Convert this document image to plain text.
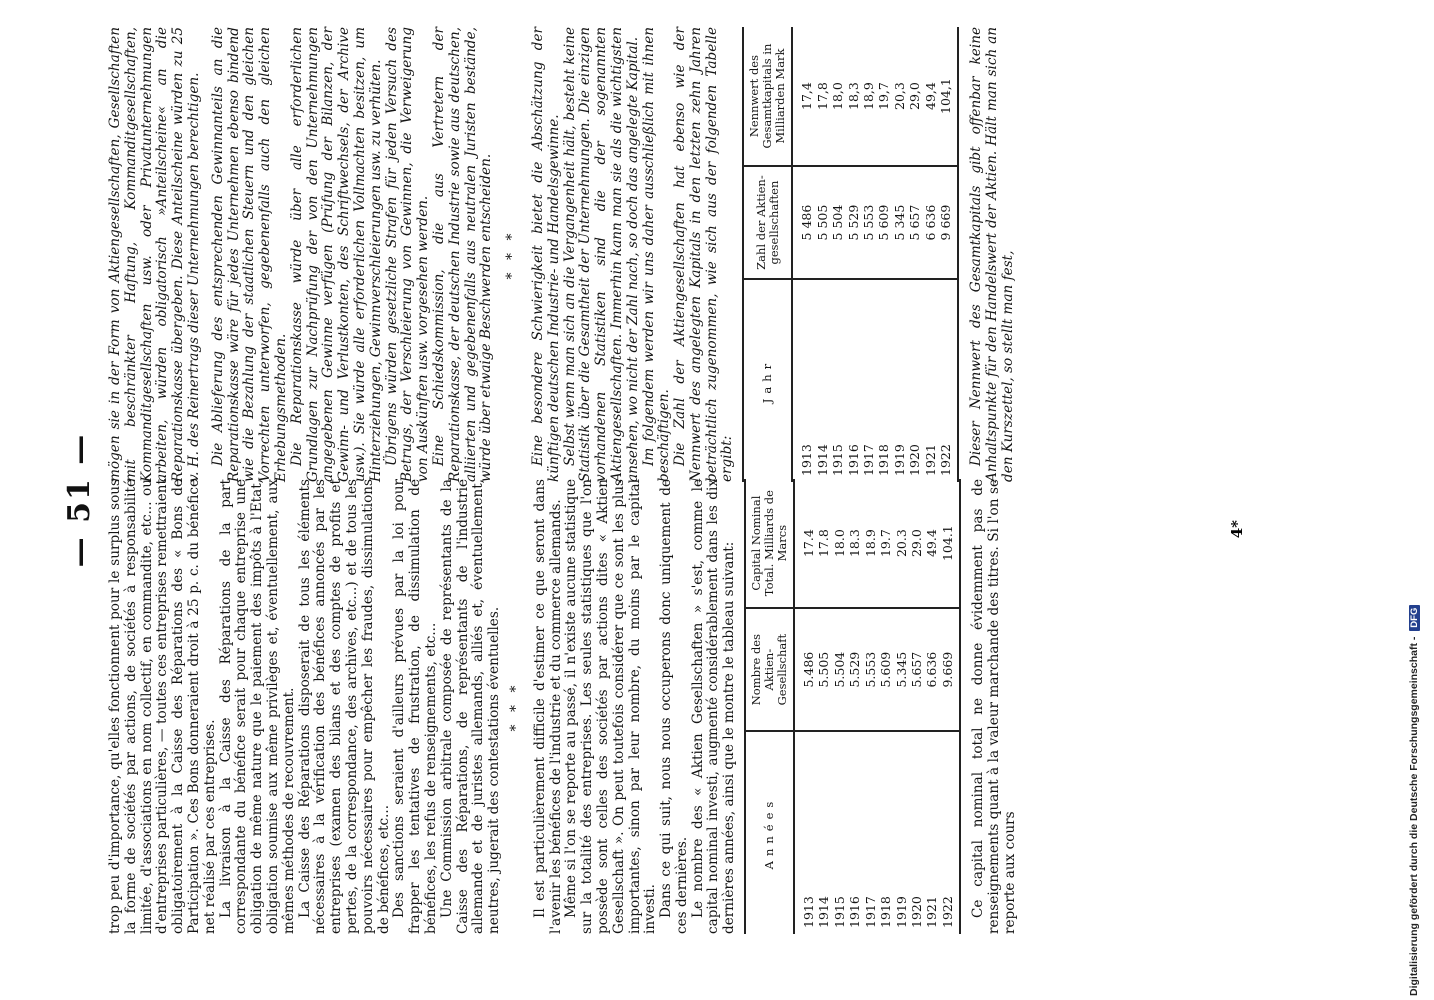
— 51 — trop peu d'importance, qu'elles fonctionnent pour le surplus sous la forme de sociétés par actions, de sociétés à responsabilité limitée, d'associations en nom collectif, en commandite, etc... ou d'entreprises particulières, — toutes ces entreprises remettraient obligatoirement à la Caisse des Réparations des « Bons de Participation ». Ces Bons donneraient droit à 25 p. c. du bénéfice net réalisé par ces entreprises. La livraison à la Caisse des Réparations de la part correspondante du bénéfice serait pour chaque entreprise une obligation de même nature que le paiement des impôts à l'Etat, obligation soumise aux même privilèges et, éventuellement, aux mêmes méthodes de recouvrement. La Caisse des Réparations disposerait de tous les éléments nécessaires à la vérification des bénéfices annoncés par les entreprises (examen des bilans et des comptes de profits et pertes, de la correspondance, des archives, etc...) et de tous les pouvoirs nécessaires pour empêcher les fraudes, dissimulations de bénéfices, etc... Des sanctions seraient d'ailleurs prévues par la loi pour frapper les tentatives de frustration, de dissimulation de bénéfices, les refus de renseignements, etc... Une Commission arbitrale composée de représentants de la Caisse des Réparations, de représentants de l'industrie allemande et de juristes allemands, alliés et, éventuellement, neutres, jugerait des contestations éventuelles. * * * Il est particulièrement difficile d'estimer ce que seront dans l'avenir les bénéfices de l'industrie et du commerce allemands. Même si l'on se reporte au passé, il n'existe aucune statistique sur la totalité des entreprises. Les seules statistiques que l'on possède sont celles des sociétés par actions dites « Aktien Gesellschaft ». On peut toutefois considérer que ce sont les plus importantes, sinon par leur nombre, du moins par le capital investi. Dans ce qui suit, nous nous occuperons donc uniquement de ces dernières. Le nombre des « Aktien Gesellschaften » s'est, comme le capital nominal investi, augmenté considérablement dans les dix dernières années, ainsi que le montre le tableau suivant: Années	Nombre des Aktien-Gesellschaft	Capital Nominal Total. Milliards de Marcs
1913	5.486	17.4
1914	5.505	17.8
1915	5.504	18.0
1916	5.529	18.3
1917	5.553	18.9
1918	5.609	19.7
1919	5.345	20.3
1920	5.657	29.0
1921	6.636	49.4
1922	9.669	104.1 Ce capital nominal total ne donne évidemment pas de renseignements quant à la valeur marchande des titres. Si l'on se reporte aux cours

mögen sie in der Form von Aktiengesellschaften, Gesellschaften mit beschränkter Haftung, Kommanditgesellschaften, Kommanditgesellschaften usw. oder Privatunternehmungen arbeiten, würden obligatorisch »Anteilscheine« an die Reparationskasse übergeben. Diese Anteilscheine würden zu 25 v. H. des Reinertrags dieser Unternehmungen berechtigen. Die Ablieferung des entsprechenden Gewinnanteils an die Reparationskasse wäre für jedes Unternehmen ebenso bindend wie die Bezahlung der staatlichen Steuern und den gleichen Vorrechten unterworfen, gegebenenfalls auch den gleichen Erhebungsmethoden. Die Reparationskasse würde über alle erforderlichen Grundlagen zur Nachprüfung der von den Unternehmungen angegebenen Gewinne verfügen (Prüfung der Bilanzen, der Gewinn- und Verlustkonten, des Schriftwechsels, der Archive usw.). Sie würde alle erforderlichen Vollmachten besitzen, um Hinterziehungen, Gewinnverschleierungen usw. zu verhüten. Übrigens würden gesetzliche Strafen für jeden Versuch des Betrugs, der Verschleierung von Gewinnen, die Verweigerung von Auskünften usw. vorgesehen werden. Eine Schiedskommission, die aus Vertretern der Reparationskasse, der deutschen Industrie sowie aus deutschen, alliierten und gegebenenfalls aus neutralen Juristen bestände, würde über etwaige Beschwerden entscheiden. * * * Eine besondere Schwierigkeit bietet die Abschätzung der künftigen deutschen Industrie- und Handelsgewinne. Selbst wenn man sich an die Vergangenheit hält, besteht keine Statistik über die Gesamtheit der Unternehmungen. Die einzigen vorhandenen Statistiken sind die der sogenannten Aktiengesellschaften. Immerhin kann man sie als die wichtigsten ansehen, wo nicht der Zahl nach, so doch das angelegte Kapital. Im folgendem werden wir uns daher ausschließlich mit ihnen beschäftigen. Die Zahl der Aktiengesellschaften hat ebenso wie der Nennwert des angelegten Kapitals in den letzten zehn Jahren beträchtlich zugenommen, wie sich aus der folgenden Tabelle ergibt:

Jahr	Zahl der Aktien-gesellschaften	Nennwert des Gesamtkapitals in Milliarden Mark
1913	5 486	17,4
1914	5 505	17,8
1915	5 504	18,0
1916	5 529	18,3
1917	5 553	18,9
1918	5 609	19,7
1919	5 345	20,3
1920	5 657	29,0
1921	6 636	49,4
1922	9 669	104,1 Dieser Nennwert des Gesamtkapitals gibt offenbar keine Anhaltspunkte für den Handelswert der Aktien. Hält man sich an den Kurszettel, so stellt man fest,

4*
Digitalisierung gefördert durch die Deutsche Forschungsgemeinschaft - DFG
